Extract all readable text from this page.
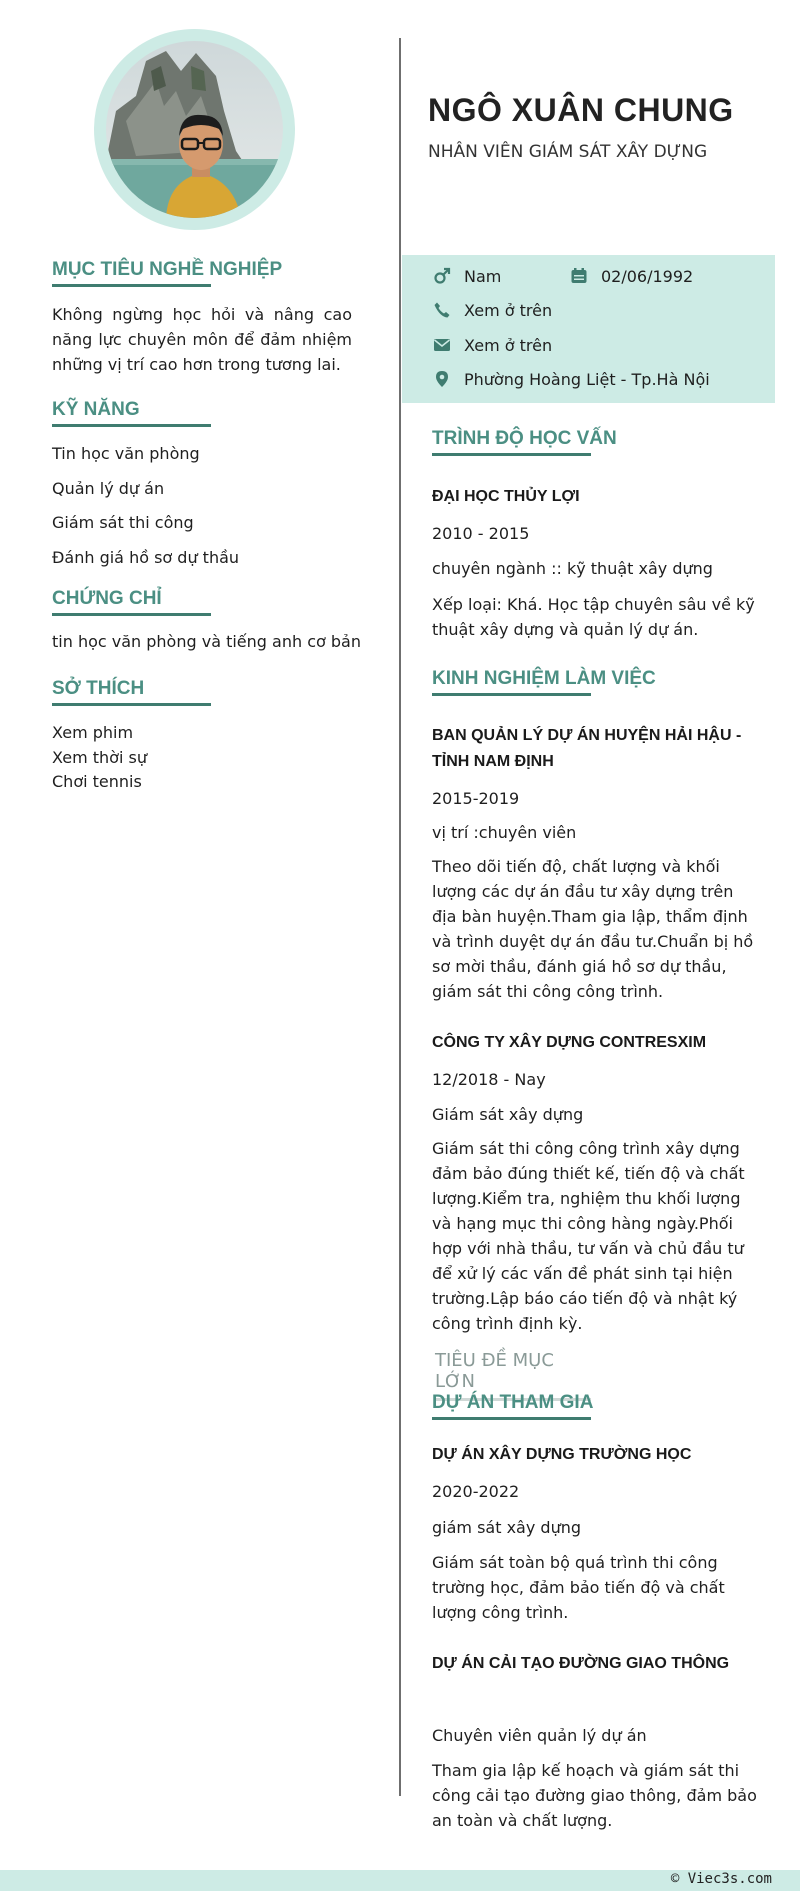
MỤC TIÊU NGHỀ NGHIỆP
Không ngừng học hỏi và nâng cao năng lực chuyên môn để đảm nhiệm những vị trí cao hơn trong tương lai.
KỸ NĂNG
Tin học văn phòng
Quản lý dự án
Giám sát thi công
Đánh giá hồ sơ dự thầu
CHỨNG CHỈ
tin học văn phòng và tiếng anh cơ bản
SỞ THÍCH
Xem phim
Xem thời sự
Chơi tennis
NGÔ XUÂN CHUNG
NHÂN VIÊN GIÁM SÁT XÂY DỰNG
Nam	02/06/1992
Xem ở trên
Xem ở trên
Phường Hoàng Liệt - Tp.Hà Nội
TRÌNH ĐỘ HỌC VẤN
ĐẠI HỌC THỦY LỢI
2010 - 2015
chuyên ngành :: kỹ thuật xây dựng
Xếp loại: Khá. Học tập chuyên sâu về kỹ thuật xây dựng và quản lý dự án.
KINH NGHIỆM LÀM VIỆC
BAN QUẢN LÝ DỰ ÁN HUYỆN HẢI HẬU - TỈNH NAM ĐỊNH
2015-2019
vị trí :chuyên viên
Theo dõi tiến độ, chất lượng và khối lượng các dự án đầu tư xây dựng trên địa bàn huyện.Tham gia lập, thẩm định và trình duyệt dự án đầu tư.Chuẩn bị hồ sơ mời thầu, đánh giá hồ sơ dự thầu, giám sát thi công công trình.
CÔNG TY XÂY DỰNG CONTRESXIM
12/2018 - Nay
Giám sát xây dựng
Giám sát thi công công trình xây dựng đảm bảo đúng thiết kế, tiến độ và chất lượng.Kiểm tra, nghiệm thu khối lượng và hạng mục thi công hàng ngày.Phối hợp với nhà thầu, tư vấn và chủ đầu tư để xử lý các vấn đề phát sinh tại hiện trường.Lập báo cáo tiến độ và nhật ký công trình định kỳ.
TIÊU ĐỀ MỤC LỚN
DỰ ÁN THAM GIA
DỰ ÁN XÂY DỰNG TRƯỜNG HỌC
2020-2022
giám sát xây dựng
Giám sát toàn bộ quá trình thi công trường học, đảm bảo tiến độ và chất lượng công trình.
DỰ ÁN CẢI TẠO ĐƯỜNG GIAO THÔNG
Chuyên viên quản lý dự án
Tham gia lập kế hoạch và giám sát thi công cải tạo đường giao thông, đảm bảo an toàn và chất lượng.
© Viec3s.com
